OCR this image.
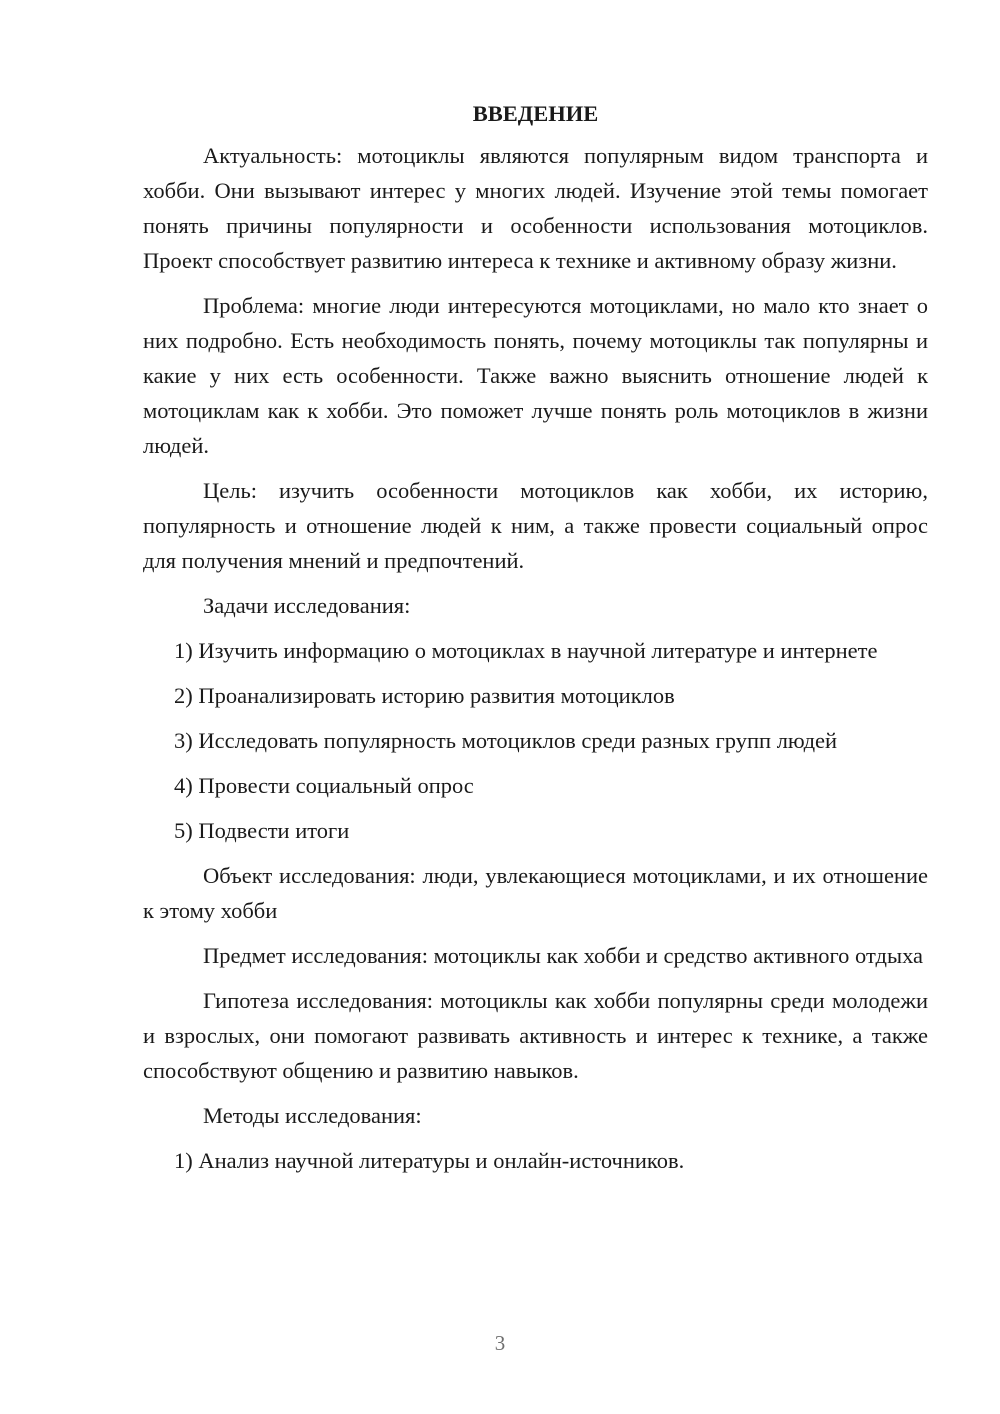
ВВЕДЕНИЕ

Актуальность: мотоциклы являются популярным видом транспорта и хобби. Они вызывают интерес у многих людей. Изучение этой темы помогает понять причины популярности и особенности использования мотоциклов. Проект способствует развитию интереса к технике и активному образу жизни.

Проблема: многие люди интересуются мотоциклами, но мало кто знает о них подробно. Есть необходимость понять, почему мотоциклы так популярны и какие у них есть особенности. Также важно выяснить отношение людей к мотоциклам как к хобби. Это поможет лучше понять роль мотоциклов в жизни людей.

Цель: изучить особенности мотоциклов как хобби, их историю, популярность и отношение людей к ним, а также провести социальный опрос для получения мнений и предпочтений.

Задачи исследования:

1) Изучить информацию о мотоциклах в научной литературе и интернете

2) Проанализировать историю развития мотоциклов

3) Исследовать популярность мотоциклов среди разных групп людей

4) Провести социальный опрос

5) Подвести итоги

Объект исследования: люди, увлекающиеся мотоциклами, и их отношение к этому хобби

Предмет исследования: мотоциклы как хобби и средство активного отдыха

Гипотеза исследования: мотоциклы как хобби популярны среди молодежи и взрослых, они помогают развивать активность и интерес к технике, а также способствуют общению и развитию навыков.

Методы исследования:

1) Анализ научной литературы и онлайн-источников.

3
